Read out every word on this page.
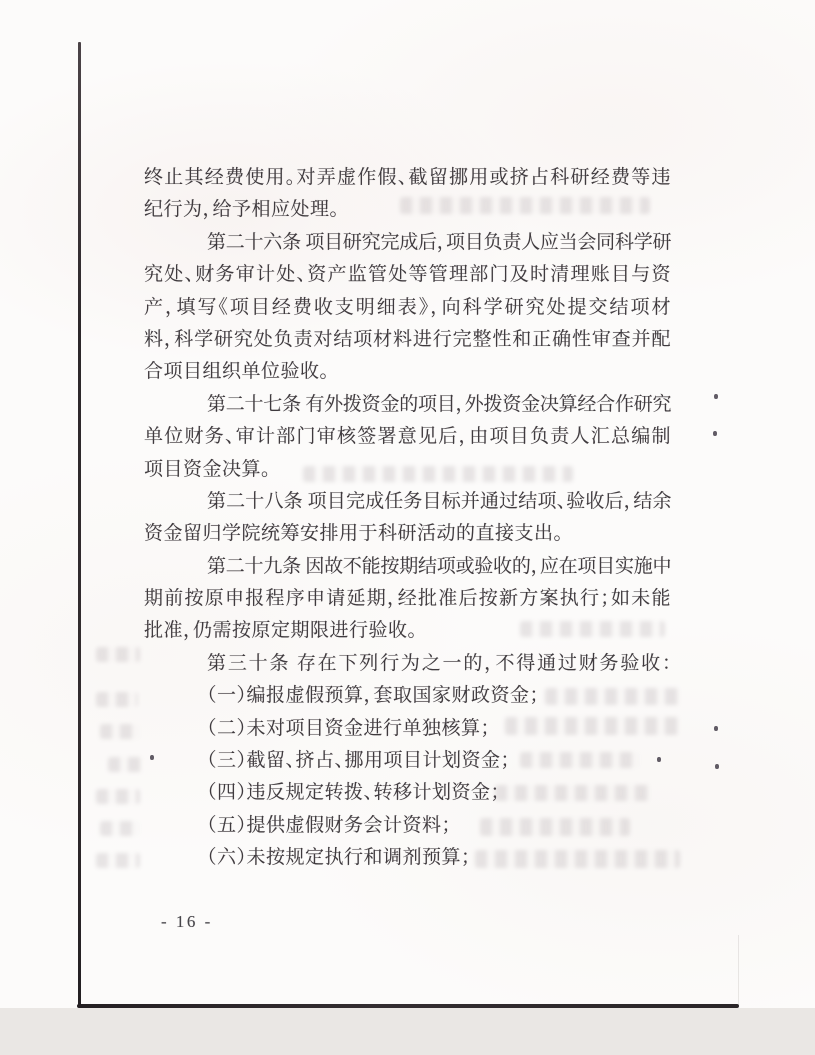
终止其经费使用。对弄虚作假、截留挪用或挤占科研经费等违
纪行为，给予相应处理。
第二十六条 项目研究完成后，项目负责人应当会同科学研
究处、财务审计处、资产监管处等管理部门及时清理账目与资
产，填写《项目经费收支明细表》，向科学研究处提交结项材
料，科学研究处负责对结项材料进行完整性和正确性审查并配
合项目组织单位验收。
第二十七条 有外拨资金的项目，外拨资金决算经合作研究
单位财务、审计部门审核签署意见后，由项目负责人汇总编制
项目资金决算。
第二十八条 项目完成任务目标并通过结项、验收后，结余
资金留归学院统筹安排用于科研活动的直接支出。
第二十九条 因故不能按期结项或验收的，应在项目实施中
期前按原申报程序申请延期，经批准后按新方案执行；如未能
批准，仍需按原定期限进行验收。
第三十条 存在下列行为之一的，不得通过财务验收：
（一）编报虚假预算，套取国家财政资金；
（二）未对项目资金进行单独核算；
（三）截留、挤占、挪用项目计划资金；
（四）违反规定转拨、转移计划资金；
（五）提供虚假财务会计资料；
（六）未按规定执行和调剂预算；
- 16 -
